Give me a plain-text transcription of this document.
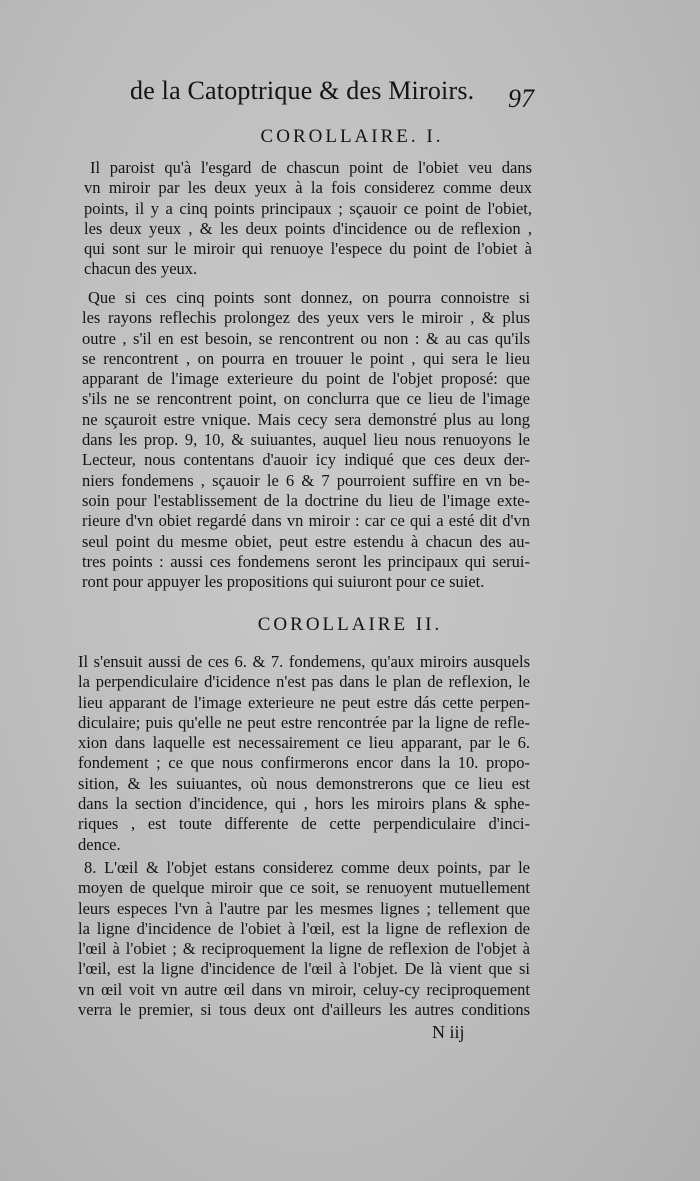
de la Catoptrique & des Miroirs. 97
COROLLAIRE. I.
Il paroist qu'à l'esgard de chascun point de l'obiet veu dans
vn miroir par les deux yeux à la fois considerez comme deux
points, il y a cinq points principaux ; sçauoir ce point de l'obiet,
les deux yeux , & les deux points d'incidence ou de reflexion ,
qui sont sur le miroir qui renuoye l'espece du point de l'obiet à
chacun des yeux.
Que si ces cinq points sont donnez, on pourra connoistre si
les rayons reflechis prolongez des yeux vers le miroir , & plus
outre , s'il en est besoin, se rencontrent ou non : & au cas qu'ils
se rencontrent , on pourra en trouuer le point , qui sera le lieu
apparant de l'image exterieure du point de l'objet proposé: que
s'ils ne se rencontrent point, on conclurra que ce lieu de l'image
ne sçauroit estre vnique. Mais cecy sera demonstré plus au long
dans les prop. 9, 10, & suiuantes, auquel lieu nous renuoyons le
Lecteur, nous contentans d'auoir icy indiqué que ces deux der-
niers fondemens , sçauoir le 6 & 7 pourroient suffire en vn be-
soin pour l'establissement de la doctrine du lieu de l'image exte-
rieure d'vn obiet regardé dans vn miroir : car ce qui a esté dit d'vn
seul point du mesme obiet, peut estre estendu à chacun des au-
tres points : aussi ces fondemens seront les principaux qui serui-
ront pour appuyer les propositions qui suiuront pour ce suiet.
COROLLAIRE II.
Il s'ensuit aussi de ces 6. & 7. fondemens, qu'aux miroirs ausquels
la perpendiculaire d'icidence n'est pas dans le plan de reflexion, le
lieu apparant de l'image exterieure ne peut estre dás cette perpen-
diculaire; puis qu'elle ne peut estre rencontrée par la ligne de refle-
xion dans laquelle est necessairement ce lieu apparant, par le 6.
fondement ; ce que nous confirmerons encor dans la 10. propo-
sition, & les suiuantes, où nous demonstrerons que ce lieu est
dans la section d'incidence, qui , hors les miroirs plans & sphe-
riques , est toute differente de cette perpendiculaire d'inci-
dence.
8. L'œil & l'objet estans considerez comme deux points, par le
moyen de quelque miroir que ce soit, se renuoyent mutuellement
leurs especes l'vn à l'autre par les mesmes lignes ; tellement que
la ligne d'incidence de l'obiet à l'œil, est la ligne de reflexion de
l'œil à l'obiet ; & reciproquement la ligne de reflexion de l'objet à
l'œil, est la ligne d'incidence de l'œil à l'objet. De là vient que si
vn œil voit vn autre œil dans vn miroir, celuy-cy reciproquement
verra le premier, si tous deux ont d'ailleurs les autres conditions
N iij
